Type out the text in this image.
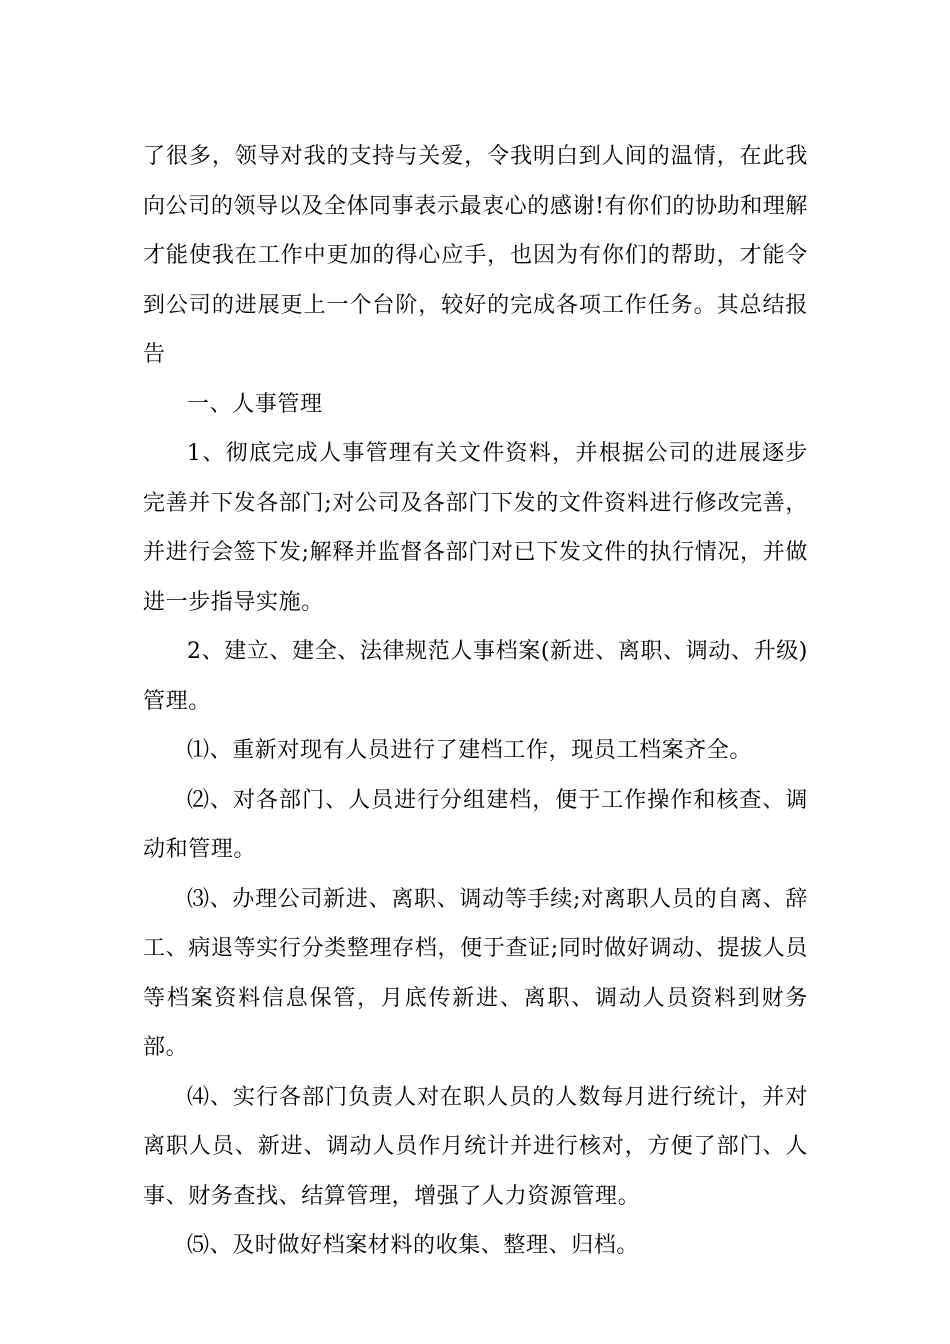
了很多，领导对我的支持与关爱，令我明白到人间的温情，在此我向公司的领导以及全体同事表示最衷心的感谢!有你们的协助和理解才能使我在工作中更加的得心应手，也因为有你们的帮助，才能令到公司的进展更上一个台阶，较好的完成各项工作任务。其总结报告

一、人事管理

1、彻底完成人事管理有关文件资料，并根据公司的进展逐步完善并下发各部门;对公司及各部门下发的文件资料进行修改完善，并进行会签下发;解释并监督各部门对已下发文件的执行情况，并做进一步指导实施。

2、建立、建全、法律规范人事档案(新进、离职、调动、升级)管理。

⑴、重新对现有人员进行了建档工作，现员工档案齐全。

⑵、对各部门、人员进行分组建档，便于工作操作和核查、调动和管理。

⑶、办理公司新进、离职、调动等手续;对离职人员的自离、辞工、病退等实行分类整理存档，便于查证;同时做好调动、提拔人员等档案资料信息保管，月底传新进、离职、调动人员资料到财务部。

⑷、实行各部门负责人对在职人员的人数每月进行统计，并对离职人员、新进、调动人员作月统计并进行核对，方便了部门、人事、财务查找、结算管理，增强了人力资源管理。

⑸、及时做好档案材料的收集、整理、归档。
